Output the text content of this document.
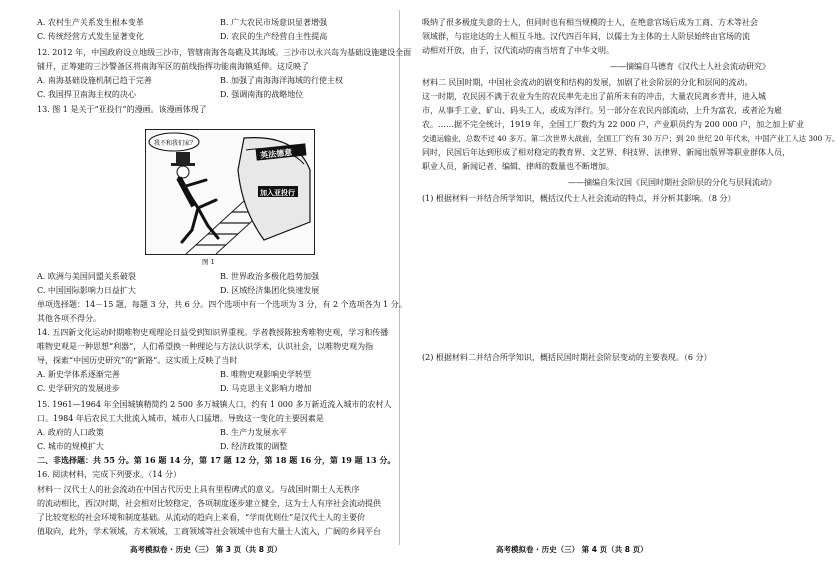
A. 农村生产关系发生根本变革	B. 广大农民市场意识显著增强
C. 传统经营方式发生显著变化	D. 农民的生产经营自主性提高
12. 2012 年，中国政府设立地级三沙市，管辖南海各岛礁及其海域。三沙市以永兴岛为基础设施建设全面
铺开，正筹建的三沙警备区将南海军区的前线指挥功能南海镇延伸。这反映了
A. 南海基础设施机制已趋于完善	B. 加强了南海海洋海域的行使主权
C. 我国捍卫南海主权的决心	D. 强调南海的战略地位
13. 图 1 是关于“亚投行”的漫画。该漫画体现了
英法德意
加入亚投行
我不和我们家？
图 1
A. 欧洲与美国同盟关系破裂	B. 世界政治多极化趋势加强
C. 中国国际影响力日益扩大	D. 区域经济集团化快速发展
单项选择题：14－15 题，每题 3 分，共 6 分。四个选项中有一个选项为 3 分，有 2 个选项各为 1 分。
其他各项不得分。
14. 五四新文化运动时期唯物史观理论日益受到知识界重视。学者教授陈独秀唯物史观，学习和传播
唯物史观是一种思想“利器”，人们希望换一种理论与方法认识学术，认识社会，以唯物史观为指
导，探索“中国历史研究”的“新路”。这实质上反映了当时
A. 新史学体系逐渐完善	B. 唯物史观影响史学转型
C. 史学研究的发展进步	D. 马克思主义影响力增加
15. 1961—1964 年全国城镇精简约 2 500 多万城镇人口，约有 1 000 多万新近流入城市的农村人
口。1984 年后农民工大批流入城市，城市人口猛增。导致这一变化的主要因素是
A. 政府的人口政策	B. 生产力发展水平
C. 城市的规模扩大	D. 经济政策的调整
二、非选择题：共 55 分。第 16 题 14 分，第 17 题 12 分，第 18 题 16 分，第 19 题 13 分。
16. 阅读材料，完成下列要求。（14 分）
材料一 汉代士人的社会流动在中国古代历史上具有里程碑式的意义。与战国时期士人无秩序
的流动相比，西汉时期，社会相对比较稳定，各项制度逐步建立健全，这为士人有序社会流动提供
了比较宽松的社会环境和制度基础。从流动的趋向上来看，“学而优则仕”是汉代士人的主要价
值取向，此外，学术领域，方术领域，工商领域等社会领域中也有大量士人流入，广阔的乡间平台
高考模拟卷 · 历史（三） 第 3 页（共 8 页）
吸纳了很多极度失意的士人，但同时也有相当规模的士人，在绝意官场后成为工商、方术等社会
领域群，与宦途达的士人相互斗地。汉代四百年间，以儒士为主体的士人阶层始终由官场的流
动相对开放，由于，汉代流动的南当培育了中华文明。
——摘编自马德育《汉代士人社会流动研究》
材料二 民国时期，中国社会流动的剧变和结构的发展，加剧了社会阶层的分化和层间的流动。
这一时期，农民因不满于农业为生的农民率先走出了前所未有的冲击，大量农民离乡背井，进入城
市，从事手工业、矿山、码头工人，或成为洋行。另一部分在农民内部流动，上升为富农，或者沦为雇
农。……据不完全统计，1919 年，全国工厂数约为 22 000 户，产业职员约为 200 000 户，加之加上矿业
交通运输业，总数不过 40 多万。第二次世界大战前，全国工厂约有 30 万户；到 20 世纪 20 年代末，中国产业工人达 300 万。
同时，民国后年达到形成了相对稳定的教育界、文艺界、科技界、法律界、新闻出版界等职业群体人员，
职业人员，新闻记者、编辑、律师的数量也不断增加。
——摘编自朱汉国《民国时期社会阶层的分化与层间流动》
(1) 根据材料一并结合所学知识，概括汉代士人社会流动的特点，并分析其影响。（8 分）
(2) 根据材料二并结合所学知识，概括民国时期社会阶层变动的主要表现。（6 分）
高考模拟卷 · 历史（三） 第 4 页（共 8 页）
